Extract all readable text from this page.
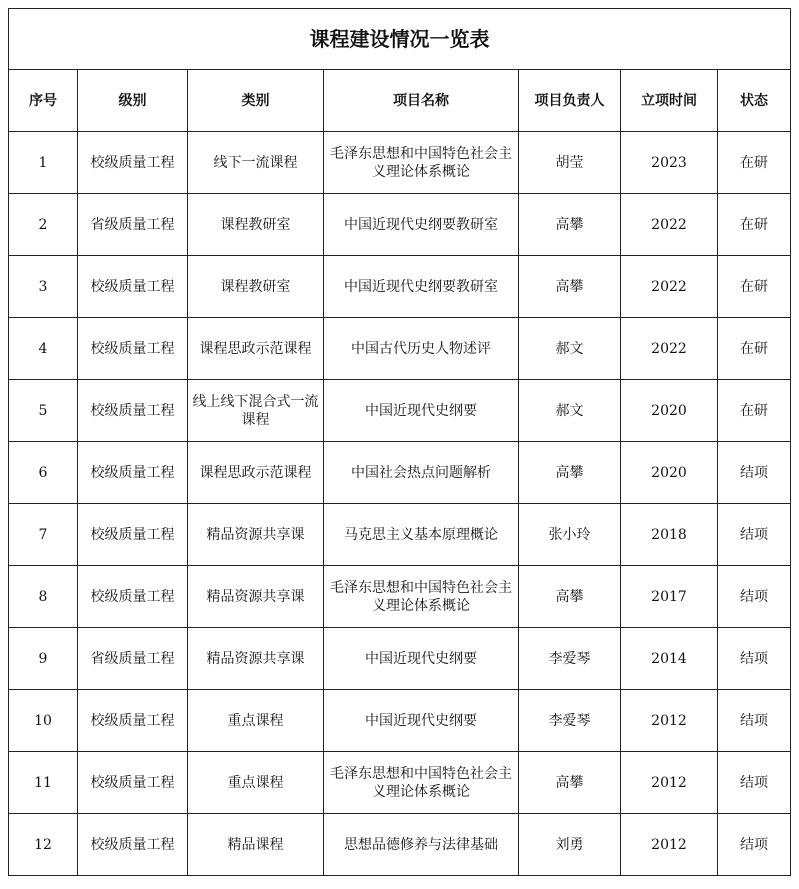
课程建设情况一览表						
序号	级别	类别	项目名称	项目负责人	立项时间	状态
1	校级质量工程	线下一流课程	毛泽东思想和中国特色社会主义理论体系概论	胡莹	2023	在研
2	省级质量工程	课程教研室	中国近现代史纲要教研室	高攀	2022	在研
3	校级质量工程	课程教研室	中国近现代史纲要教研室	高攀	2022	在研
4	校级质量工程	课程思政示范课程	中国古代历史人物述评	郝文	2022	在研
5	校级质量工程	线上线下混合式一流课程	中国近现代史纲要	郝文	2020	在研
6	校级质量工程	课程思政示范课程	中国社会热点问题解析	高攀	2020	结项
7	校级质量工程	精品资源共享课	马克思主义基本原理概论	张小玲	2018	结项
8	校级质量工程	精品资源共享课	毛泽东思想和中国特色社会主义理论体系概论	高攀	2017	结项
9	省级质量工程	精品资源共享课	中国近现代史纲要	李爱琴	2014	结项
10	校级质量工程	重点课程	中国近现代史纲要	李爱琴	2012	结项
11	校级质量工程	重点课程	毛泽东思想和中国特色社会主义理论体系概论	高攀	2012	结项
12	校级质量工程	精品课程	思想品德修养与法律基础	刘勇	2012	结项
